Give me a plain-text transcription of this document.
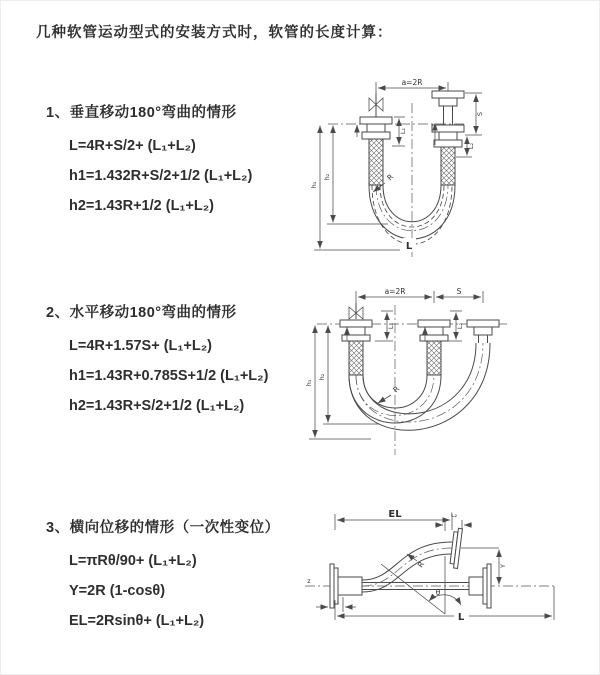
几种软管运动型式的安装方式时，软管的长度计算：
1、垂直移动180°弯曲的情形
L=4R+S/2+ (L₁+L₂)
h1=1.432R+S/2+1/2 (L₁+L₂)
h2=1.43R+1/2 (L₁+L₂)
2、水平移动180°弯曲的情形
L=4R+1.57S+ (L₁+L₂)
h1=1.43R+0.785S+1/2 (L₁+L₂)
h2=1.43R+S/2+1/2 (L₁+L₂)
3、横向位移的情形（一次性变位）
L=πRθ/90+ (L₁+L₂)
Y=2R (1-cosθ)
EL=2Rsinθ+ (L₁+L₂)
a=2R
h₁
h₂
S
L₂
L₁
R
L
a=2R	S
h₁
h₂
L₁	L₂
R
z
EL	L₂
θ
R	Y
L
L₁
